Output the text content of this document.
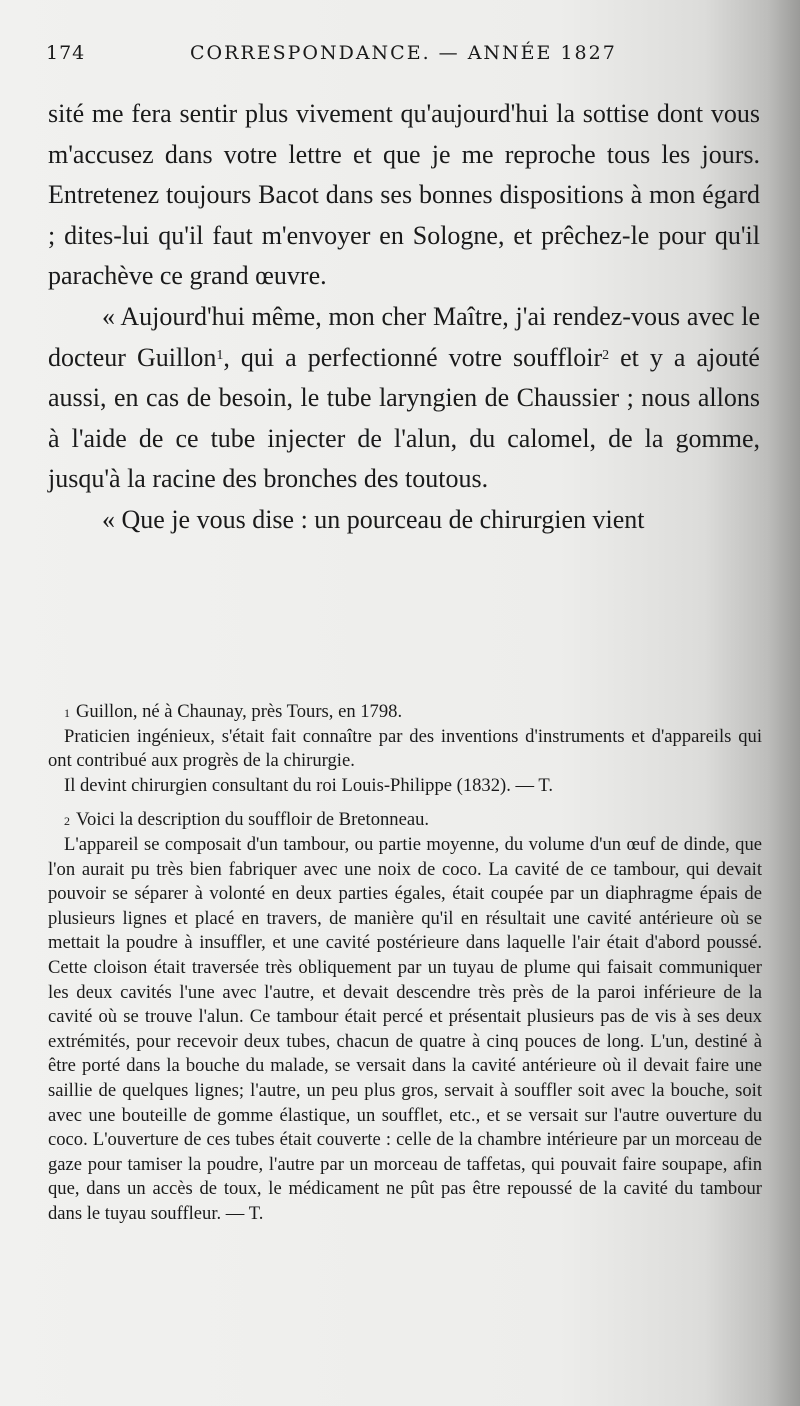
174	CORRESPONDANCE. — ANNÉE 1827

sité me fera sentir plus vivement qu'aujourd'hui la sottise dont vous m'accusez dans votre lettre et que je me reproche tous les jours. Entretenez toujours Bacot dans ses bonnes dispositions à mon égard ; dites-lui qu'il faut m'envoyer en Sologne, et prêchez-le pour qu'il parachève ce grand œuvre.

« Aujourd'hui même, mon cher Maître, j'ai rendez-vous avec le docteur Guillon$^1$, qui a perfectionné votre souffloir$^2$ et y a ajouté aussi, en cas de besoin, le tube laryngien de Chaussier ; nous allons à l'aide de ce tube injecter de l'alun, du calomel, de la gomme, jusqu'à la racine des bronches des toutous.

« Que je vous dise : un pourceau de chirurgien vient

$^1$ Guillon, né à Chaunay, près Tours, en 1798.

Praticien ingénieux, s'était fait connaître par des inventions d'instruments et d'appareils qui ont contribué aux progrès de la chirurgie.

Il devint chirurgien consultant du roi Louis-Philippe (1832). — T.

$^2$ Voici la description du souffloir de Bretonneau.

L'appareil se composait d'un tambour, ou partie moyenne, du volume d'un œuf de dinde, que l'on aurait pu très bien fabriquer avec une noix de coco. La cavité de ce tambour, qui devait pouvoir se séparer à volonté en deux parties égales, était coupée par un diaphragme épais de plusieurs lignes et placé en travers, de manière qu'il en résultait une cavité antérieure où se mettait la poudre à insuffler, et une cavité postérieure dans laquelle l'air était d'abord poussé. Cette cloison était traversée très obliquement par un tuyau de plume qui faisait communiquer les deux cavités l'une avec l'autre, et devait descendre très près de la paroi inférieure de la cavité où se trouve l'alun. Ce tambour était percé et présentait plusieurs pas de vis à ses deux extrémités, pour recevoir deux tubes, chacun de quatre à cinq pouces de long. L'un, destiné à être porté dans la bouche du malade, se versait dans la cavité antérieure où il devait faire une saillie de quelques lignes; l'autre, un peu plus gros, servait à souffler soit avec la bouche, soit avec une bouteille de gomme élastique, un soufflet, etc., et se versait sur l'autre ouverture du coco. L'ouverture de ces tubes était couverte : celle de la chambre intérieure par un morceau de gaze pour tamiser la poudre, l'autre par un morceau de taffetas, qui pouvait faire soupape, afin que, dans un accès de toux, le médicament ne pût pas être repoussé de la cavité du tambour dans le tuyau souffleur. — T.
